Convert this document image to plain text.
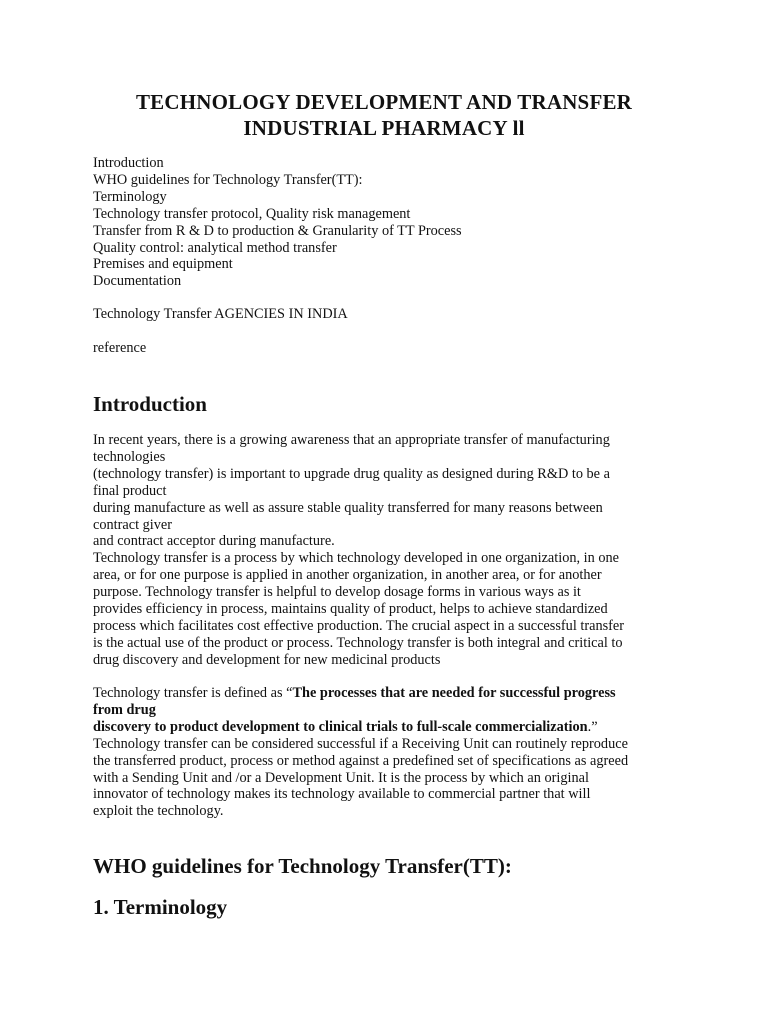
TECHNOLOGY DEVELOPMENT AND TRANSFER
INDUSTRIAL PHARMACY ll
Introduction
WHO guidelines for Technology Transfer(TT):
Terminology
Technology transfer protocol, Quality risk management
Transfer from R & D to production & Granularity of TT Process
Quality control: analytical method transfer
Premises and equipment
Documentation
Technology Transfer AGENCIES IN INDIA
reference
Introduction
In recent years, there is a growing awareness that an appropriate transfer of manufacturing
technologies
(technology transfer) is important to upgrade drug quality as designed during R&D to be a
final product
during manufacture as well as assure stable quality transferred for many reasons between
contract giver
and contract acceptor during manufacture.
Technology transfer is a process by which technology developed in one organization, in one
area, or for one purpose is applied in another organization, in another area, or for another
purpose. Technology transfer is helpful to develop dosage forms in various ways as it
provides efficiency in process, maintains quality of product, helps to achieve standardized
process which facilitates cost effective production. The crucial aspect in a successful transfer
is the actual use of the product or process. Technology transfer is both integral and critical to
drug discovery and development for new medicinal products
Technology transfer is defined as “The processes that are needed for successful progress
from drug
discovery to product development to clinical trials to full-scale commercialization.”
Technology transfer can be considered successful if a Receiving Unit can routinely reproduce
the transferred product, process or method against a predefined set of specifications as agreed
with a Sending Unit and /or a Development Unit. It is the process by which an original
innovator of technology makes its technology available to commercial partner that will
exploit the technology.
WHO guidelines for Technology Transfer(TT):
1. Terminology
